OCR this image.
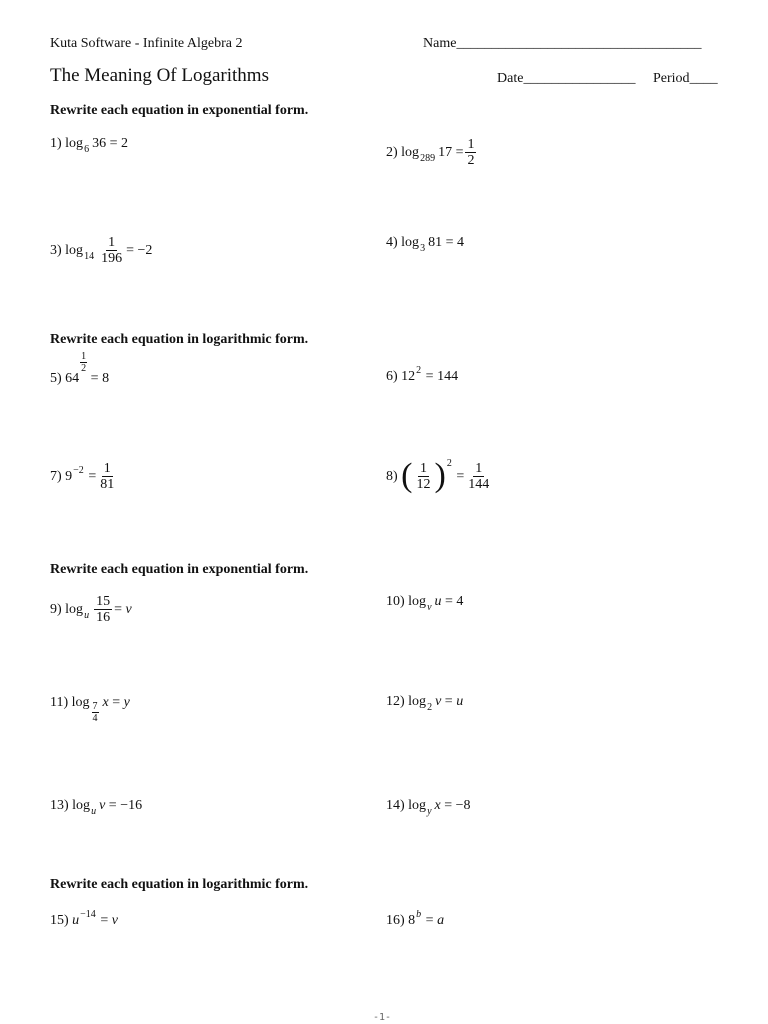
Kuta Software - Infinite Algebra 2	Name___________________________________
The Meaning Of Logarithms	Date________________ Period____
Rewrite each equation in exponential form.
1)
log 6 36
=
2
2)
log 289 17
= $\frac{1}{2}$
3)
$\log 14 \frac{1}{196}$ =
−2
4)
log 3 81
=
4
Rewrite each equation in logarithmic form.
5)
64
$\frac{1}{2}$

=
8	6)
12 2
=
144
7)
9 −2
= $\frac{1}{81}$	8)
( $\frac{1}{12}$ ) 2

= $\frac{1}{144}$
Rewrite each equation in exponential form.
9)
log u $\frac{15}{16}$ =
v
10)
log v u
=
4
11)
$\log \frac{7}{4}$ x
=
y	12)
log 2 v
=
u
13)
log u v
=
−16	14)
log y x
=
−8
Rewrite each equation in logarithmic form.
15)
u −14
=
v	16)
8 b
=
a
-1-
